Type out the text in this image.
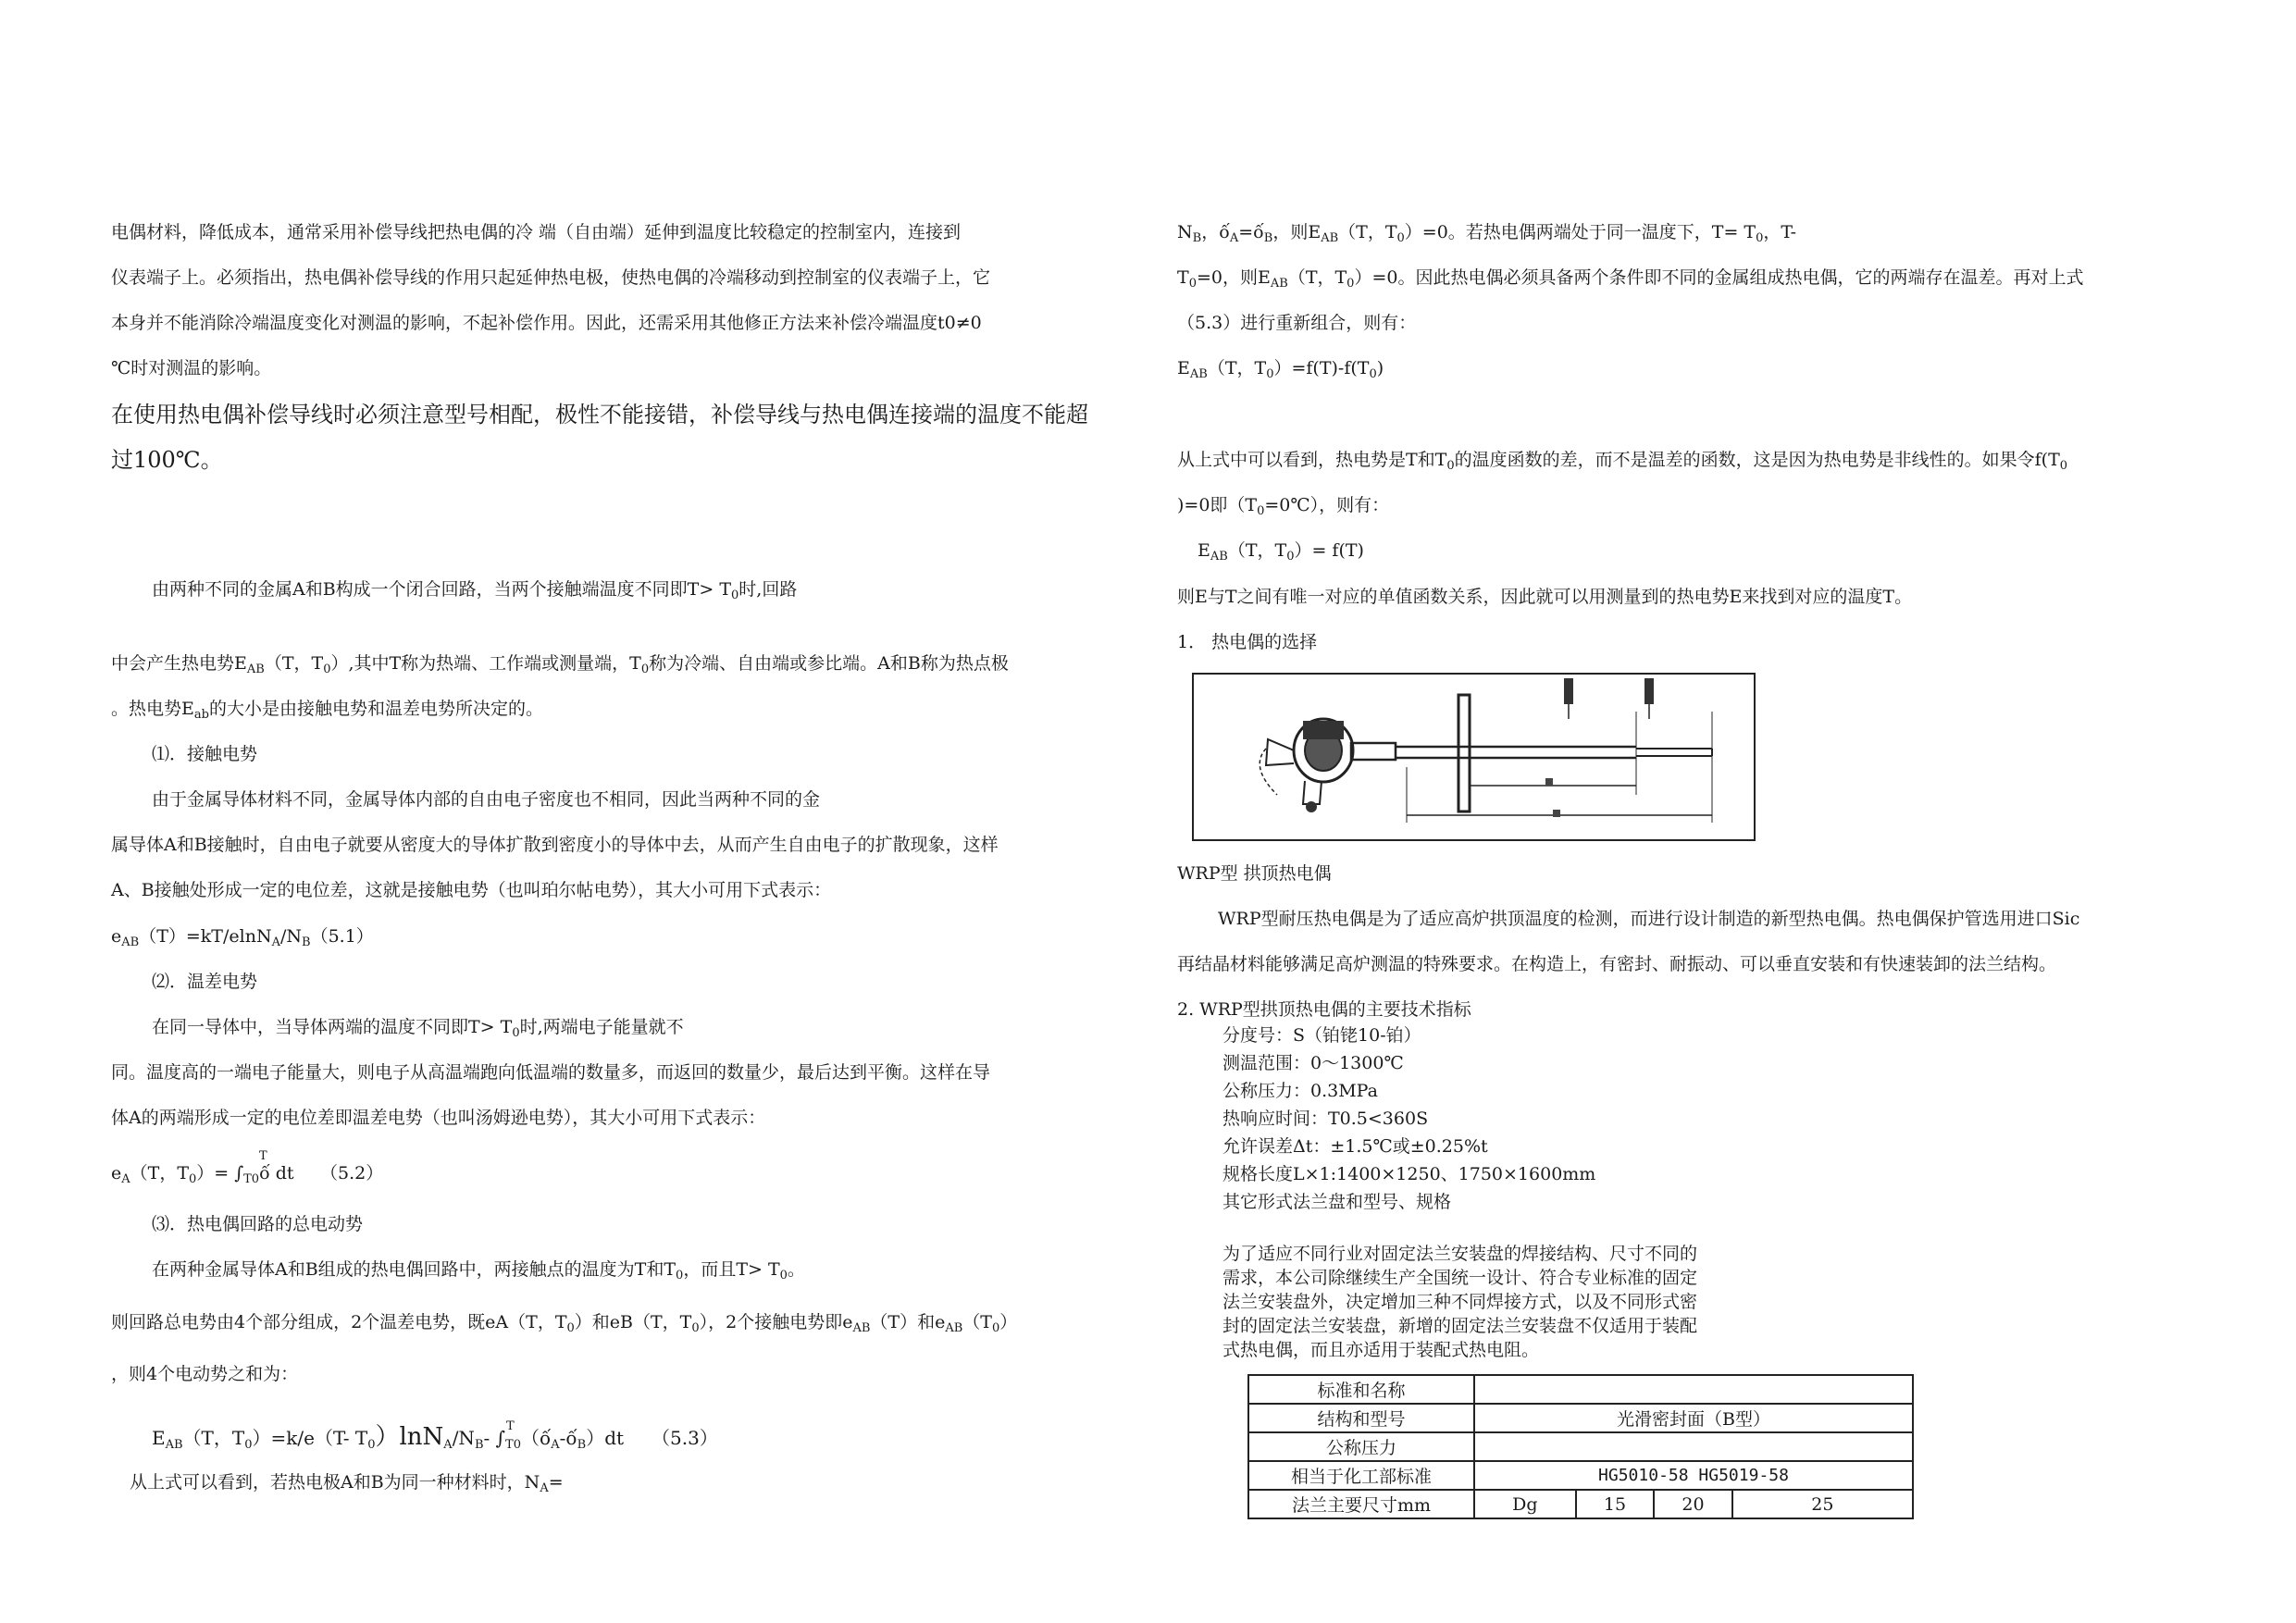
电偶材料，降低成本，通常采用补偿导线把热电偶的冷 端（自由端）延伸到温度比较稳定的控制室内，连接到
仪表端子上。必须指出，热电偶补偿导线的作用只起延伸热电极，使热电偶的冷端移动到控制室的仪表端子上，它
本身并不能消除冷端温度变化对测温的影响，不起补偿作用。因此，还需采用其他修正方法来补偿冷端温度t0≠0
℃时对测温的影响。
在使用热电偶补偿导线时必须注意型号相配，极性不能接错，补偿导线与热电偶连接端的温度不能超
过100℃。
由两种不同的金属A和B构成一个闭合回路，当两个接触端温度不同即$T> T_0$时,回路
中会产生热电势$E_{AB}(T$，$T_0$）,其中T称为热端、工作端或测量端，$T_0$称为冷端、自由端或参比端。A和B称为热点极
。热电势$E_{ab}$的大小是由接触电势和温差电势所决定的。
⑴．接触电势
由于金属导体材料不同，金属导体内部的自由电子密度也不相同，因此当两种不同的金
属导体A和B接触时，自由电子就要从密度大的导体扩散到密度小的导体中去，从而产生自由电子的扩散现象，这样
A、B接触处形成一定的电位差，这就是接触电势（也叫珀尔帖电势），其大小可用下式表示：
$e_{AB}(T)=kT/elnN_A/N_B(5.1)$
⑵．温差电势
在同一导体中，当导体两端的温度不同即$T> T_0$时,两端电子能量就不
同。温度高的一端电子能量大，则电子从高温端跑向低温端的数量多，而返回的数量少，最后达到平衡。这样在导
体A的两端形成一定的电位差即温差电势（也叫汤姆逊电势），其大小可用下式表示：
T
$e_A(T$，$T_0)=$ $\int_{T0}ố$ dt　　（5.2）
⑶．热电偶回路的总电动势
在两种金属导体A和B组成的热电偶回路中，两接触点的温度为T和$T_0$，而且$T> T_0$。
则回路总电势由4个部分组成，2个温差电势，既eA（T，$T_0$）和eB（T，$T_0$），2个接触电势即$e_{AB}(T)$和$e_{AB}(T_0)$
，则4个电动势之和为：
T
$E_{AB}(T$，$T_0)=k/e(T-$ $T_0)\ln N_A/N_B-$ $\int_{T0}(ố_A-ố_B)dt$　　（5.3）
从上式可以看到，若热电极A和B为同一种材料时，$N_A=$
$N_B$，ố$_A$=ố$_B$，则$E_{AB}(T$，$T_0)=0$。若热电偶两端处于同一温度下，$T= T_0$，T-
$T_0=0$，则$E_{AB}(T$，$T_0)=0$。因此热电偶必须具备两个条件即不同的金属组成热电偶，它的两端存在温差。再对上式
（5.3）进行重新组合，则有：
$E_{AB}(T$，$T_0)=f(T)-f(T_0)$
从上式中可以看到，热电势是T和$T_0$的温度函数的差，而不是温差的函数，这是因为热电势是非线性的。如果令$f(T_0$
)=0即$(T_0=0℃)$，则有：
$E_{AB}(T$，$T_0)= f(T)$
则E与T之间有唯一对应的单值函数关系，因此就可以用测量到的热电势E来找到对应的温度T。
1． 热电偶的选择
WRP型 拱顶热电偶
WRP型耐压热电偶是为了适应高炉拱顶温度的检测，而进行设计制造的新型热电偶。热电偶保护管选用进口Sic
再结晶材料能够满足高炉测温的特殊要求。在构造上，有密封、耐振动、可以垂直安装和有快速装卸的法兰结构。
2. WRP型拱顶热电偶的主要技术指标
分度号：S（铂铑10-铂）
测温范围：0～1300℃
公称压力：0.3MPa
热响应时间：T0.5<360S
允许误差Δt：±1.5℃或±0.25%t
规格长度L×1:1400×1250、1750×1600mm
其它形式法兰盘和型号、规格
为了适应不同行业对固定法兰安装盘的焊接结构、尺寸不同的需求，本公司除继续生产全国统一设计、符合专业标准的固定法兰安装盘外，决定增加三种不同焊接方式，以及不同形式密封的固定法兰安装盘，新增的固定法兰安装盘不仅适用于装配式热电偶，而且亦适用于装配式热电阻。
标准和名称				
结构和型号	光滑密封面（B型）			
公称压力				
相当于化工部标准	HG5010-58 HG5019-58			
法兰主要尺寸mm	Dg	15	20	25
